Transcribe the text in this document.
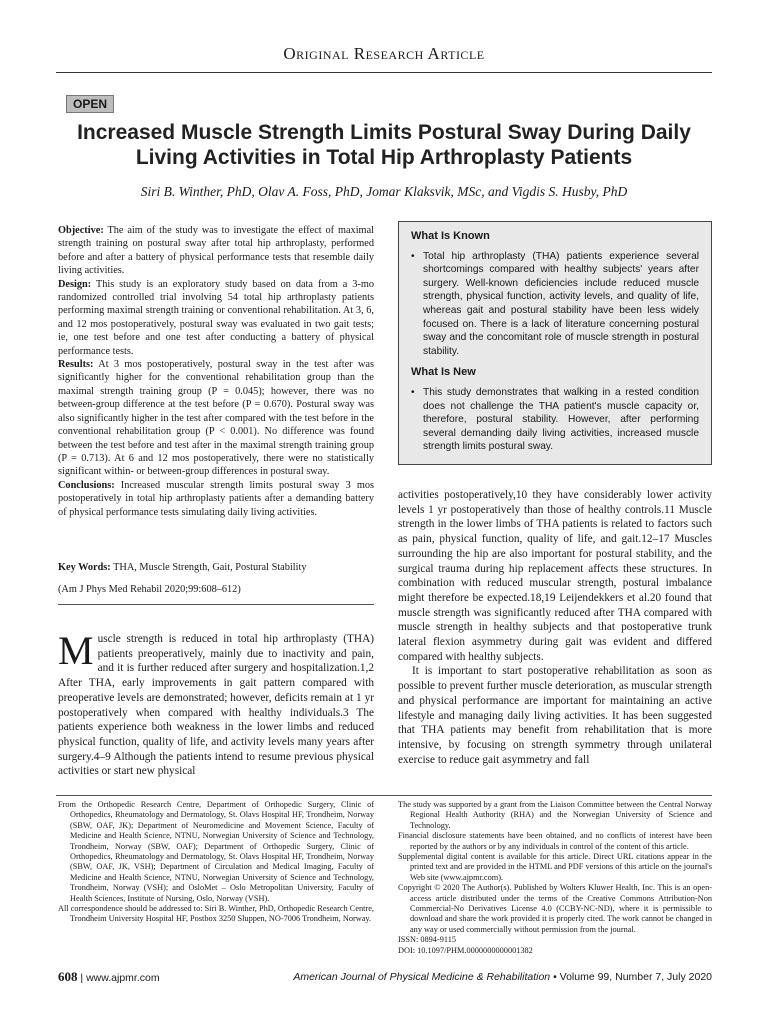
Original Research Article
OPEN
Increased Muscle Strength Limits Postural Sway During Daily Living Activities in Total Hip Arthroplasty Patients
Siri B. Winther, PhD, Olav A. Foss, PhD, Jomar Klaksvik, MSc, and Vigdis S. Husby, PhD

Objective: The aim of the study was to investigate the effect of maximal strength training on postural sway after total hip arthroplasty, performed before and after a battery of physical performance tests that resemble daily living activities.

Design: This study is an exploratory study based on data from a 3-mo randomized controlled trial involving 54 total hip arthroplasty patients performing maximal strength training or conventional rehabilitation. At 3, 6, and 12 mos postoperatively, postural sway was evaluated in two gait tests; ie, one test before and one test after conducting a battery of physical performance tests.

Results: At 3 mos postoperatively, postural sway in the test after was significantly higher for the conventional rehabilitation group than the maximal strength training group (P = 0.045); however, there was no between-group difference at the test before (P = 0.670). Postural sway was also significantly higher in the test after compared with the test before in the conventional rehabilitation group (P < 0.001). No difference was found between the test before and test after in the maximal strength training group (P = 0.713). At 6 and 12 mos postoperatively, there were no statistically significant within- or between-group differences in postural sway.

Conclusions: Increased muscular strength limits postural sway 3 mos postoperatively in total hip arthroplasty patients after a demanding battery of physical performance tests simulating daily living activities.

Key Words: THA, Muscle Strength, Gait, Postural Stability
(Am J Phys Med Rehabil 2020;99:608–612)
What Is Known
• Total hip arthroplasty (THA) patients experience several shortcomings compared with healthy subjects' years after surgery. Well-known deficiencies include reduced muscle strength, physical function, activity levels, and quality of life, whereas gait and postural stability have been less widely focused on. There is a lack of literature concerning postural sway and the concomitant role of muscle strength in postural stability.
What Is New
• This study demonstrates that walking in a rested condition does not challenge the THA patient's muscle capacity or, therefore, postural stability. However, after performing several demanding daily living activities, increased muscle strength limits postural sway.

Muscle strength is reduced in total hip arthroplasty (THA) patients preoperatively, mainly due to inactivity and pain, and it is further reduced after surgery and hospitalization.1,2 After THA, early improvements in gait pattern compared with preoperative levels are demonstrated; however, deficits remain at 1 yr postoperatively when compared with healthy individuals.3 The patients experience both weakness in the lower limbs and reduced physical function, quality of life, and activity levels many years after surgery.4–9 Although the patients intend to resume previous physical activities or start new physical

activities postoperatively,10 they have considerably lower activity levels 1 yr postoperatively than those of healthy controls.11 Muscle strength in the lower limbs of THA patients is related to factors such as pain, physical function, quality of life, and gait.12–17 Muscles surrounding the hip are also important for postural stability, and the surgical trauma during hip replacement affects these structures. In combination with reduced muscular strength, postural imbalance might therefore be expected.18,19 Leijendekkers et al.20 found that muscle strength was significantly reduced after THA compared with muscle strength in healthy subjects and that postoperative trunk lateral flexion asymmetry during gait was evident and differed compared with healthy subjects.

It is important to start postoperative rehabilitation as soon as possible to prevent further muscle deterioration, as muscular strength and physical performance are important for maintaining an active lifestyle and managing daily living activities. It has been suggested that THA patients may benefit from rehabilitation that is more intensive, by focusing on strength symmetry through unilateral exercise to reduce gait asymmetry and fall

From the Orthopedic Research Centre, Department of Orthopedic Surgery, Clinic of Orthopedics, Rheumatology and Dermatology, St. Olavs Hospital HF, Trondheim, Norway (SBW, OAF, JK); Department of Neuromedicine and Movement Science, Faculty of Medicine and Health Science, NTNU, Norwegian University of Science and Technology, Trondheim, Norway (SBW, OAF); Department of Orthopedic Surgery, Clinic of Orthopedics, Rheumatology and Dermatology, St. Olavs Hospital HF, Trondheim, Norway (SBW, OAF, JK, VSH); Department of Circulation and Medical Imaging, Faculty of Medicine and Health Science, NTNU, Norwegian University of Science and Technology, Trondheim, Norway (VSH); and OsloMet – Oslo Metropolitan University, Faculty of Health Sciences, Institute of Nursing, Oslo, Norway (VSH).

All correspondence should be addressed to: Siri B. Winther, PhD, Orthopedic Research Centre, Trondheim University Hospital HF, Postbox 3250 Sluppen, NO-7006 Trondheim, Norway.

The study was supported by a grant from the Liaison Committee between the Central Norway Regional Health Authority (RHA) and the Norwegian University of Science and Technology.

Financial disclosure statements have been obtained, and no conflicts of interest have been reported by the authors or by any individuals in control of the content of this article.

Supplemental digital content is available for this article. Direct URL citations appear in the printed text and are provided in the HTML and PDF versions of this article on the journal's Web site (www.ajpmr.com).

Copyright © 2020 The Author(s). Published by Wolters Kluwer Health, Inc. This is an open-access article distributed under the terms of the Creative Commons Attribution-Non Commercial-No Derivatives License 4.0 (CCBY-NC-ND), where it is permissible to download and share the work provided it is properly cited. The work cannot be changed in any way or used commercially without permission from the journal.

ISSN: 0894-9115

DOI: 10.1097/PHM.0000000000001382

608 | www.ajpmr.com	American Journal of Physical Medicine & Rehabilitation • Volume 99, Number 7, July 2020
